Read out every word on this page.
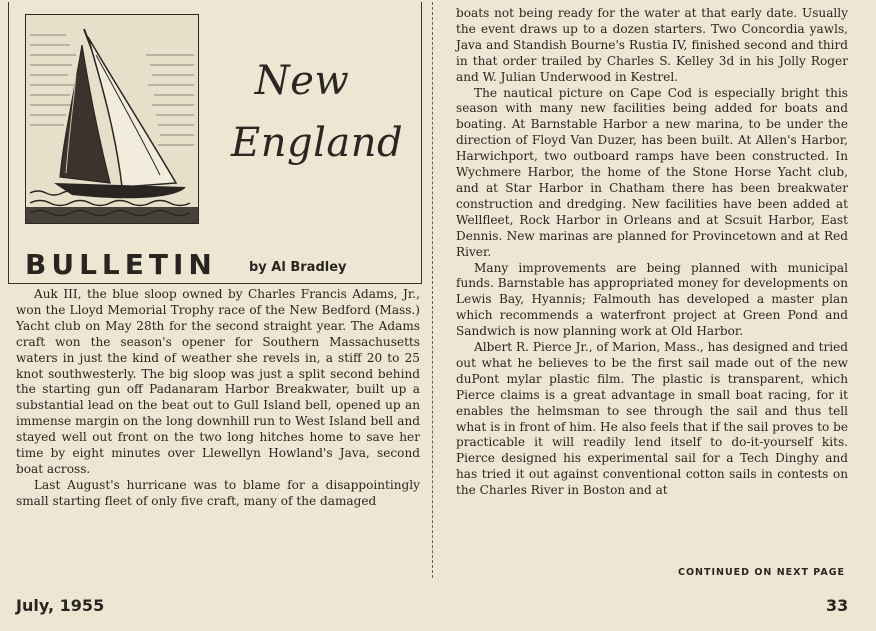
New
England
BULLETIN by Al Bradley

Auk III, the blue sloop owned by Charles Francis Adams, Jr., won the Lloyd Memorial Trophy race of the New Bedford (Mass.) Yacht club on May 28th for the second straight year. The Adams craft won the season's opener for Southern Massachusetts waters in just the kind of weather she revels in, a stiff 20 to 25 knot southwesterly. The big sloop was just a split second behind the starting gun off Padanaram Harbor Breakwater, built up a substantial lead on the beat out to Gull Island bell, opened up an immense margin on the long downhill run to West Island bell and stayed well out front on the two long hitches home to save her time by eight minutes over Llewellyn Howland's Java, second boat across.

Last August's hurricane was to blame for a disappointingly small starting fleet of only five craft, many of the damaged

boats not being ready for the water at that early date. Usually the event draws up to a dozen starters. Two Concordia yawls, Java and Standish Bourne's Rustia IV, finished second and third in that order trailed by Charles S. Kelley 3d in his Jolly Roger and W. Julian Underwood in Kestrel.

The nautical picture on Cape Cod is especially bright this season with many new facilities being added for boats and boating. At Barnstable Harbor a new marina, to be under the direction of Floyd Van Duzer, has been built. At Allen's Harbor, Harwichport, two outboard ramps have been constructed. In Wychmere Harbor, the home of the Stone Horse Yacht club, and at Star Harbor in Chatham there has been breakwater construction and dredging. New facilities have been added at Wellfleet, Rock Harbor in Orleans and at Scsuit Harbor, East Dennis. New marinas are planned for Provincetown and at Red River.

Many improvements are being planned with municipal funds. Barnstable has appropriated money for developments on Lewis Bay, Hyannis; Falmouth has developed a master plan which recommends a waterfront project at Green Pond and Sandwich is now planning work at Old Harbor.

Albert R. Pierce Jr., of Marion, Mass., has designed and tried out what he believes to be the first sail made out of the new duPont mylar plastic film. The plastic is transparent, which Pierce claims is a great advantage in small boat racing, for it enables the helmsman to see through the sail and thus tell what is in front of him. He also feels that if the sail proves to be practicable it will readily lend itself to do-it-yourself kits. Pierce designed his experimental sail for a Tech Dinghy and has tried it out against conventional cotton sails in contests on the Charles River in Boston and at

CONTINUED ON NEXT PAGE
July, 1955	33
